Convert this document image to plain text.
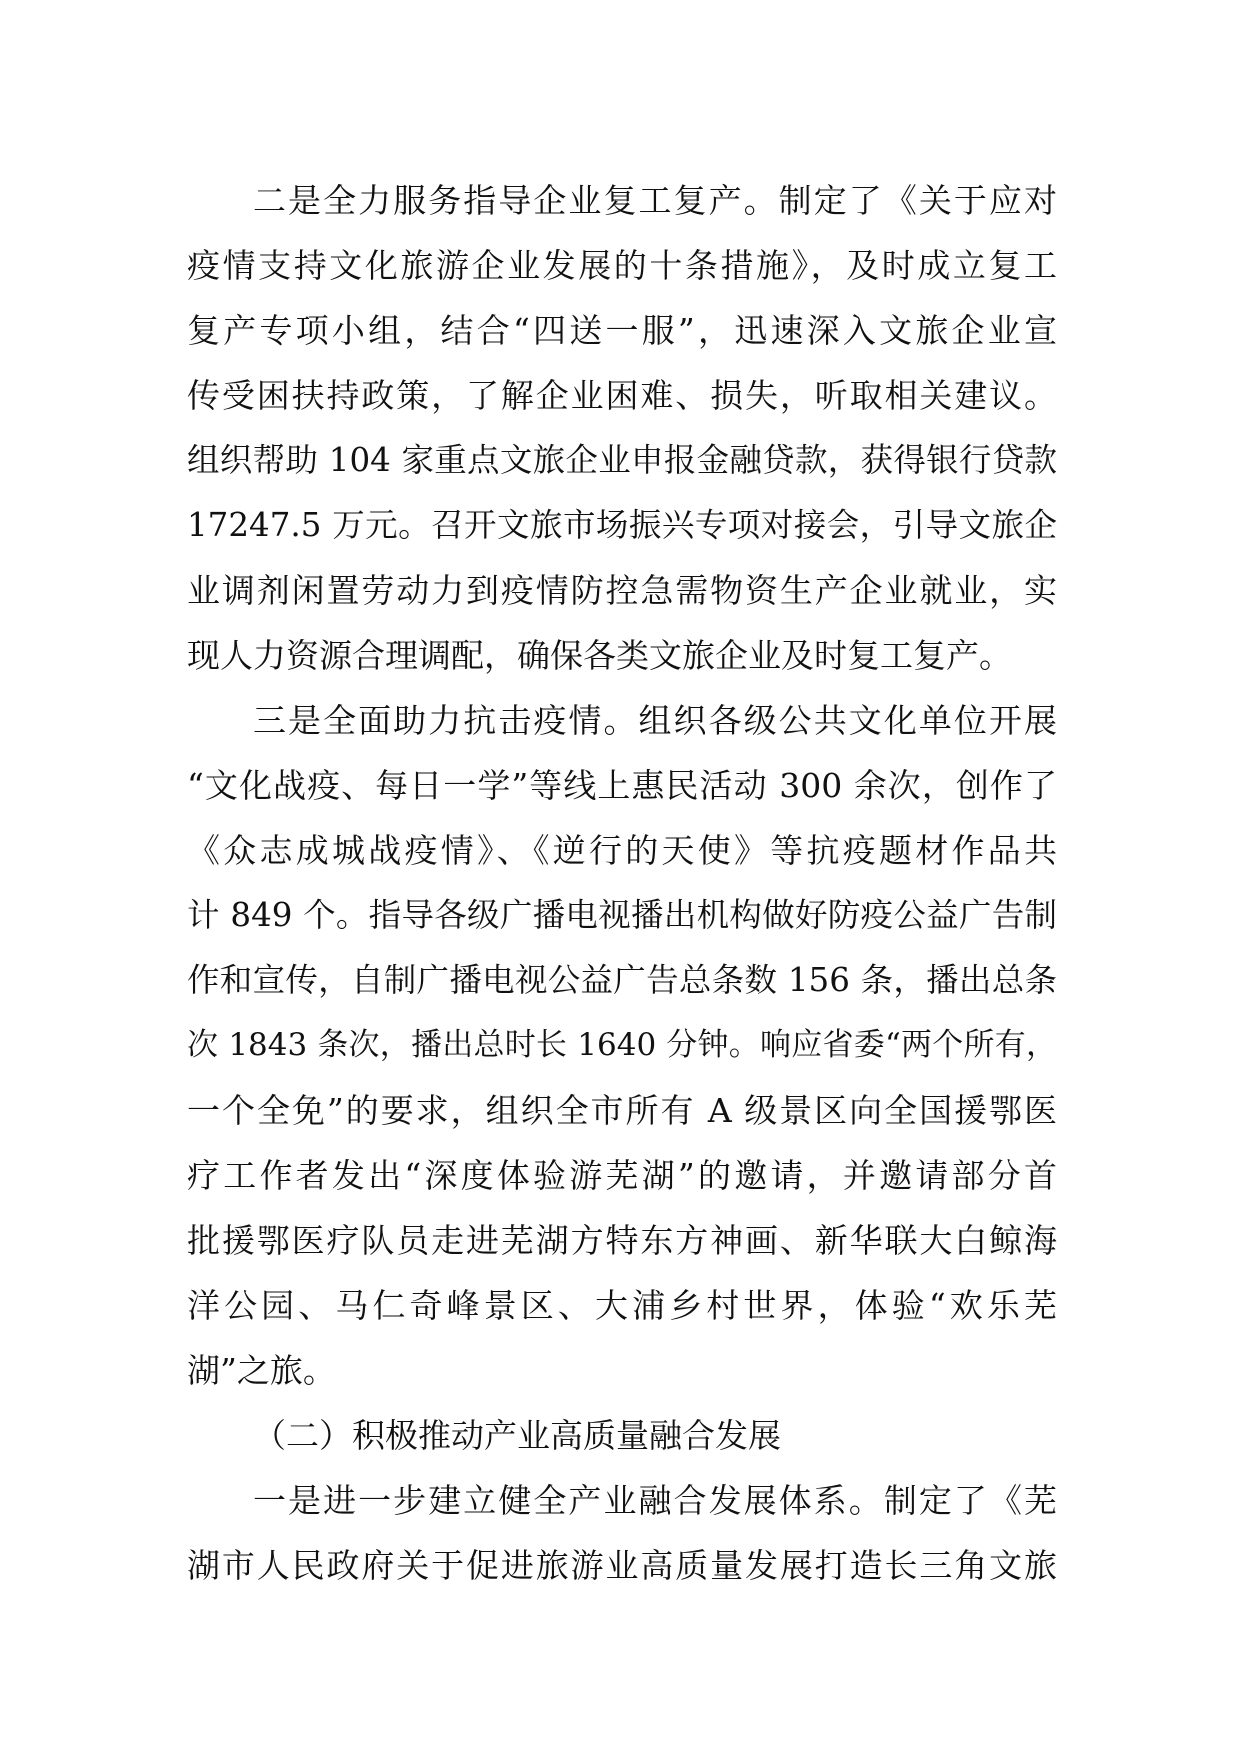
二是全力服务指导企业复工复产。制定了《关于应对
疫情支持文化旅游企业发展的十条措施》，及时成立复工
复产专项小组，结合“四送一服”，迅速深入文旅企业宣
传受困扶持政策，了解企业困难、损失，听取相关建议。
组织帮助 104 家重点文旅企业申报金融贷款，获得银行贷款
17247.5 万元。召开文旅市场振兴专项对接会，引导文旅企
业调剂闲置劳动力到疫情防控急需物资生产企业就业，实
现人力资源合理调配，确保各类文旅企业及时复工复产。
三是全面助力抗击疫情。组织各级公共文化单位开展
“文化战疫、每日一学”等线上惠民活动 300 余次，创作了
《众志成城战疫情》、《逆行的天使》等抗疫题材作品共
计 849 个。指导各级广播电视播出机构做好防疫公益广告制
作和宣传，自制广播电视公益广告总条数 156 条，播出总条
次 1843 条次，播出总时长 1640 分钟。响应省委“两个所有，
一个全免”的要求，组织全市所有 A 级景区向全国援鄂医
疗工作者发出“深度体验游芜湖”的邀请，并邀请部分首
批援鄂医疗队员走进芜湖方特东方神画、新华联大白鲸海
洋公园、马仁奇峰景区、大浦乡村世界，体验“欢乐芜
湖”之旅。
（二）积极推动产业高质量融合发展
一是进一步建立健全产业融合发展体系。制定了《芜
湖市人民政府关于促进旅游业高质量发展打造长三角文旅
